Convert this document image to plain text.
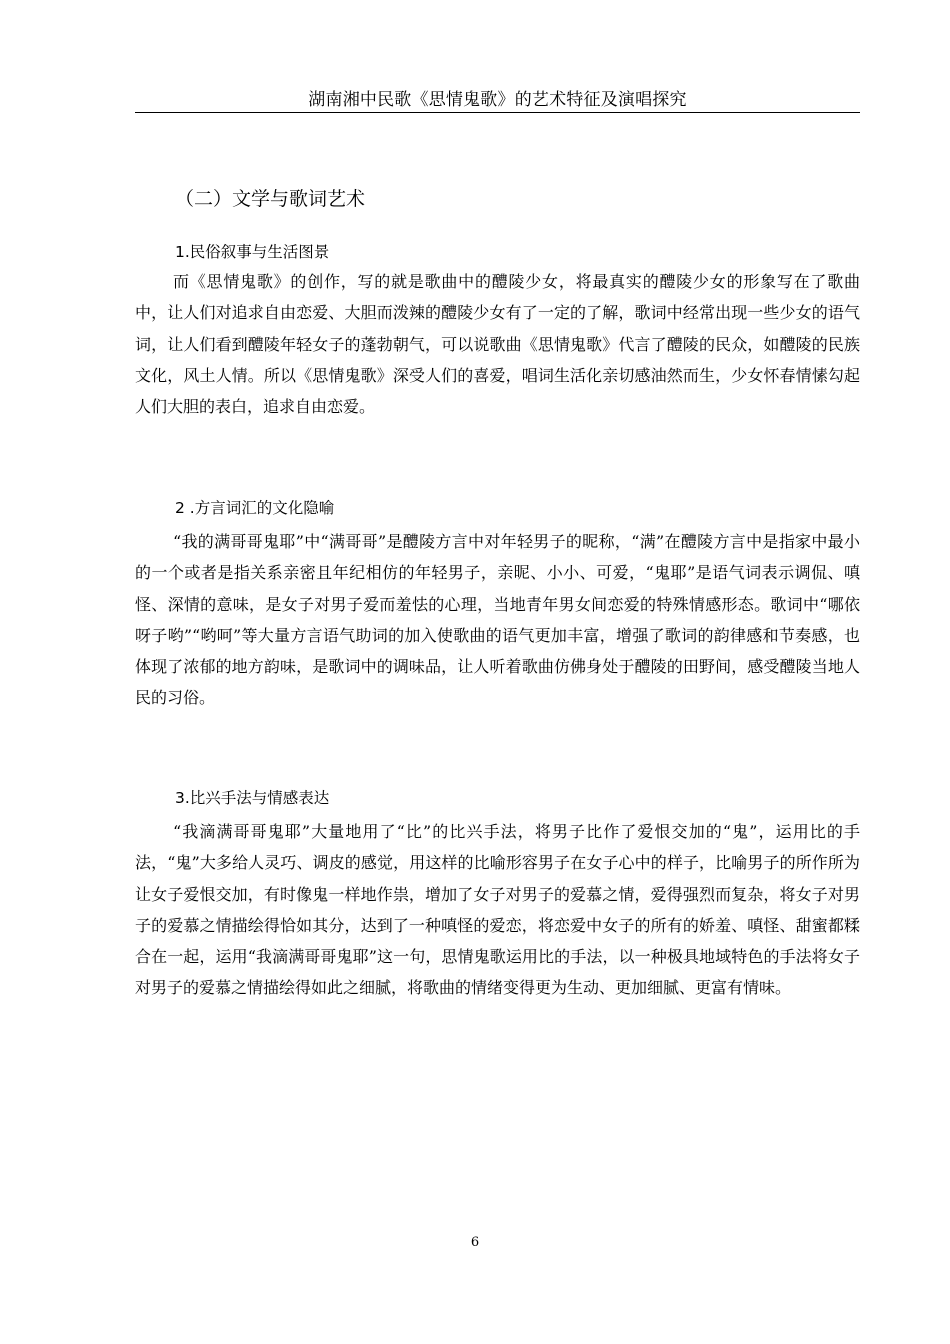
湖南湘中民歌《思情鬼歌》的艺术特征及演唱探究
（二）文学与歌词艺术
1.民俗叙事与生活图景

而《思情鬼歌》的创作，写的就是歌曲中的醴陵少女，将最真实的醴陵少女的形象写在了歌曲中，让人们对追求自由恋爱、大胆而泼辣的醴陵少女有了一定的了解，歌词中经常出现一些少女的语气词，让人们看到醴陵年轻女子的蓬勃朝气，可以说歌曲《思情鬼歌》代言了醴陵的民众，如醴陵的民族文化，风土人情。所以《思情鬼歌》深受人们的喜爱，唱词生活化亲切感油然而生，少女怀春情愫勾起人们大胆的表白，追求自由恋爱。

2 .方言词汇的文化隐喻

“我的满哥哥鬼耶”中“满哥哥”是醴陵方言中对年轻男子的昵称，“满”在醴陵方言中是指家中最小的一个或者是指关系亲密且年纪相仿的年轻男子，亲昵、小小、可爱，“鬼耶”是语气词表示调侃、嗔怪、深情的意味，是女子对男子爱而羞怯的心理，当地青年男女间恋爱的特殊情感形态。歌词中“哪依呀子哟”“哟呵”等大量方言语气助词的加入使歌曲的语气更加丰富，增强了歌词的韵律感和节奏感，也体现了浓郁的地方韵味，是歌词中的调味品，让人听着歌曲仿佛身处于醴陵的田野间，感受醴陵当地人民的习俗。

3.比兴手法与情感表达

“我滴满哥哥鬼耶”大量地用了“比”的比兴手法，将男子比作了爱恨交加的“鬼”，运用比的手法，“鬼”大多给人灵巧、调皮的感觉，用这样的比喻形容男子在女子心中的样子，比喻男子的所作所为让女子爱恨交加，有时像鬼一样地作祟，增加了女子对男子的爱慕之情，爱得强烈而复杂，将女子对男子的爱慕之情描绘得恰如其分，达到了一种嗔怪的爱恋，将恋爱中女子的所有的娇羞、嗔怪、甜蜜都糅合在一起，运用“我滴满哥哥鬼耶”这一句，思情鬼歌运用比的手法，以一种极具地域特色的手法将女子对男子的爱慕之情描绘得如此之细腻，将歌曲的情绪变得更为生动、更加细腻、更富有情味。

6
